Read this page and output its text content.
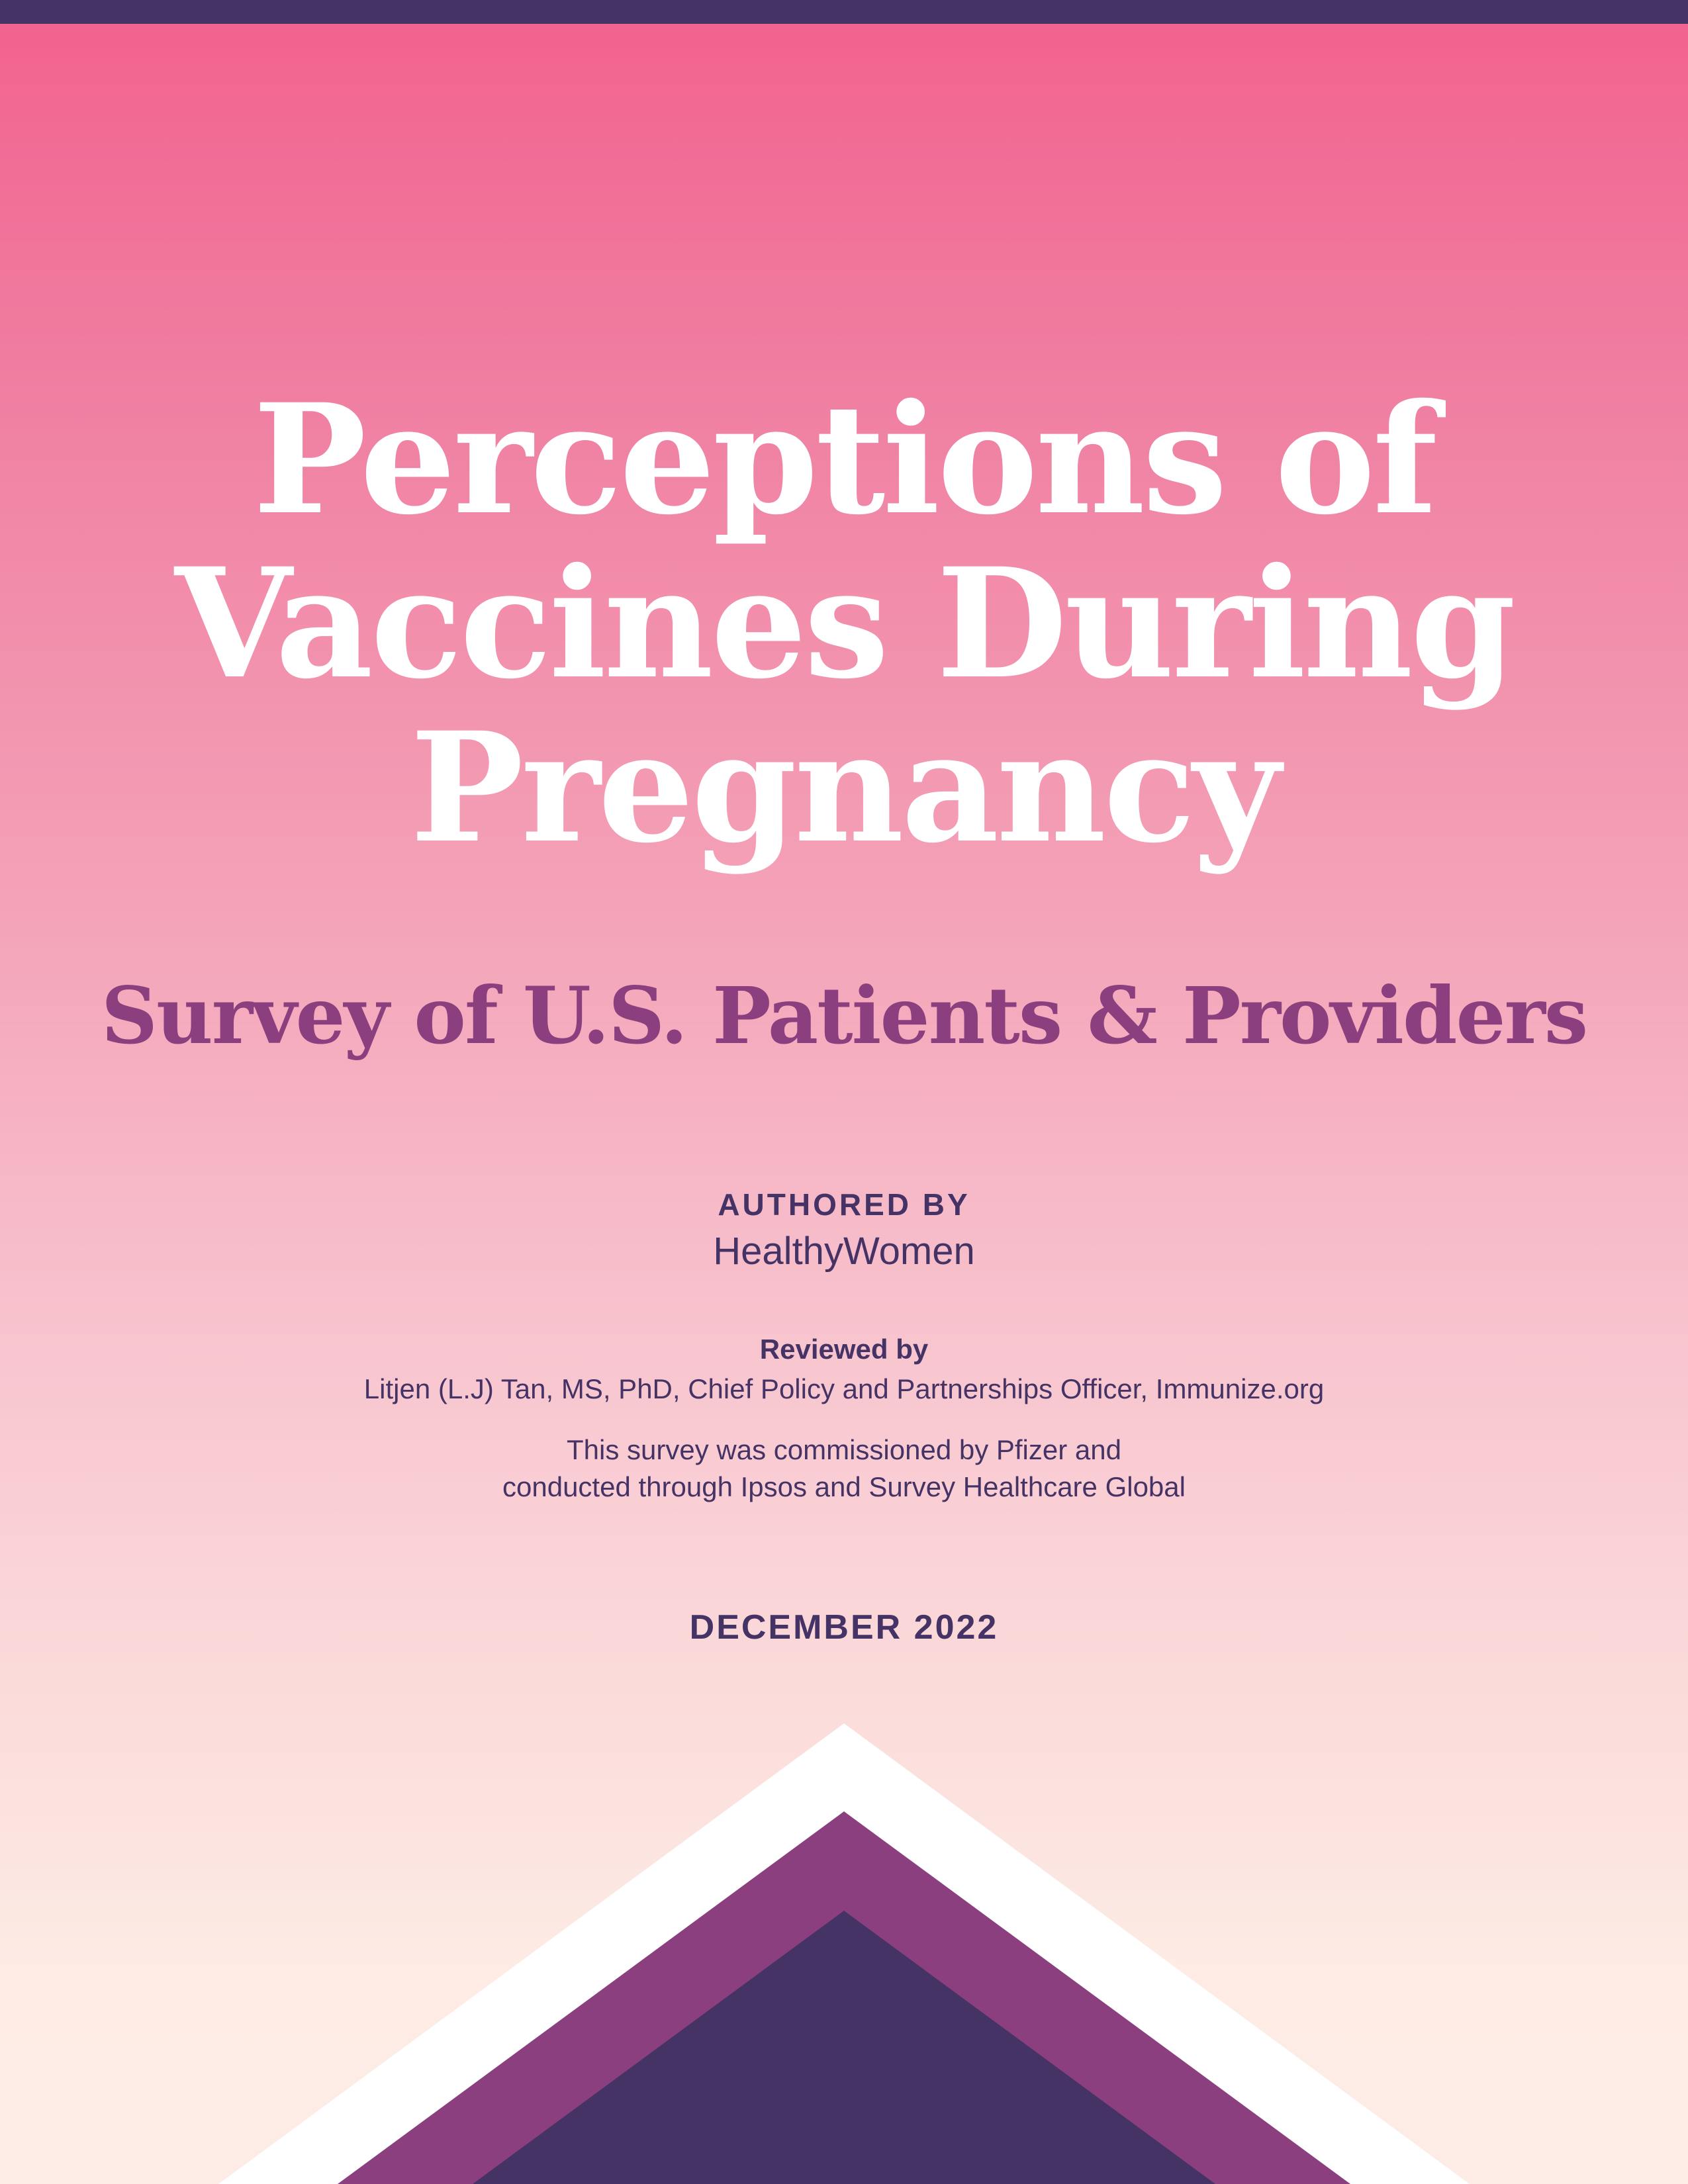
Perceptions of
Vaccines During
Pregnancy
Survey of U.S. Patients & Providers
AUTHORED BY
HealthyWomen
Reviewed by
Litjen (L.J) Tan, MS, PhD, Chief Policy and Partnerships Officer, Immunize.org
This survey was commissioned by Pfizer and
conducted through Ipsos and Survey Healthcare Global
DECEMBER 2022
